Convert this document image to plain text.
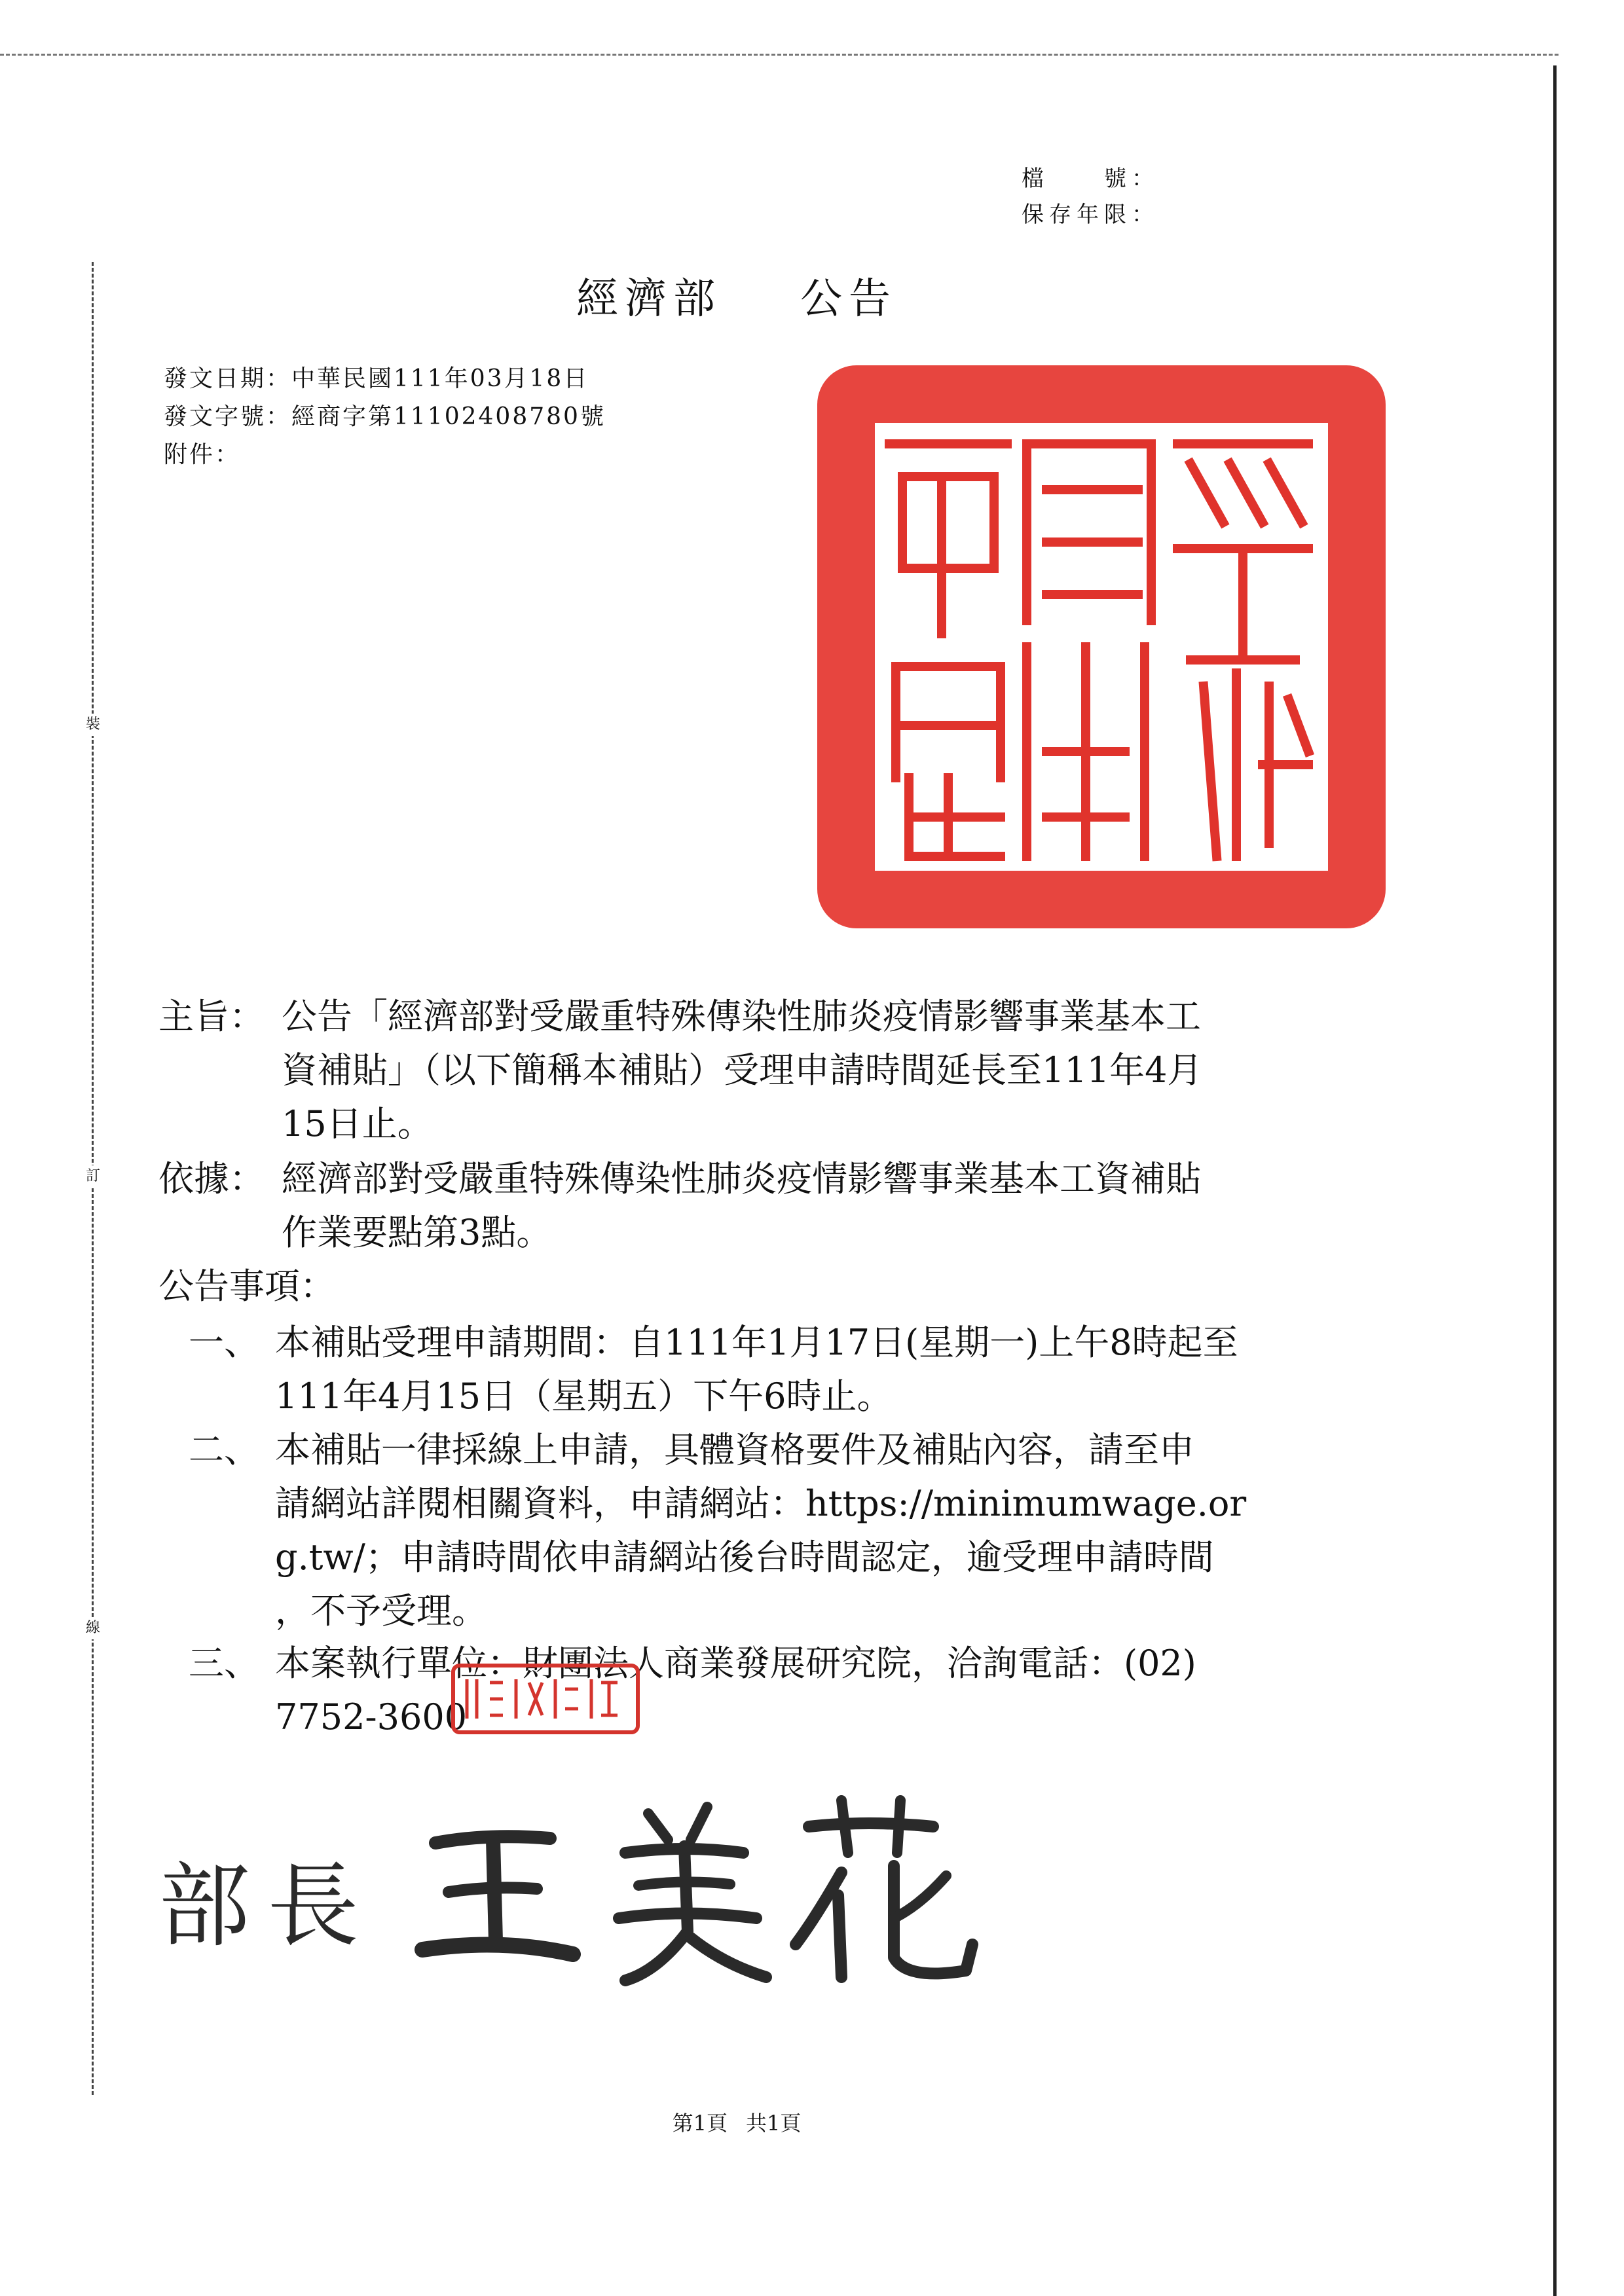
裝
訂
線
檔　　號：
保存年限：
經濟部 公告
發文日期：中華民國111年03月18日
發文字號：經商字第11102408780號
附件：
主旨： 公告「經濟部對受嚴重特殊傳染性肺炎疫情影響事業基本工
資補貼」（以下簡稱本補貼）受理申請時間延長至111年4月
15日止。
依據： 經濟部對受嚴重特殊傳染性肺炎疫情影響事業基本工資補貼
作業要點第3點。
公告事項：
一、 本補貼受理申請期間：自111年1月17日(星期一)上午8時起至
111年4月15日（星期五）下午6時止。
二、 本補貼一律採線上申請，具體資格要件及補貼內容，請至申
請網站詳閱相關資料，申請網站：https://minimumwage.or
g.tw/；申請時間依申請網站後台時間認定，逾受理申請時間
，不予受理。
三、 本案執行單位：財團法人商業發展研究院，洽詢電話：(02)
7752-3600
部長
第1頁 共1頁
